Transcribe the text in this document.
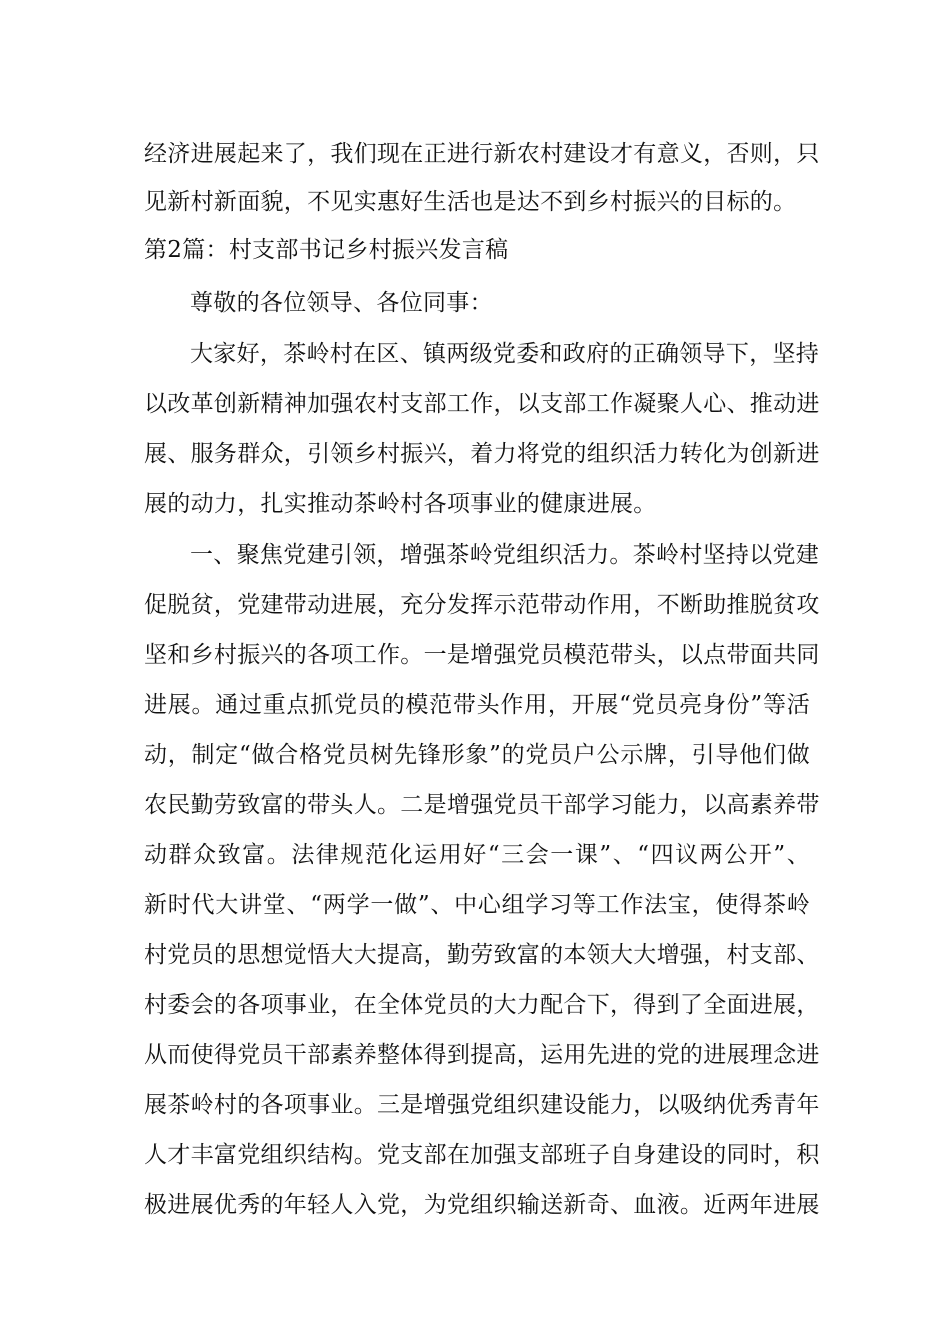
经济进展起来了，我们现在正进行新农村建设才有意义，否则，只
见新村新面貌，不见实惠好生活也是达不到乡村振兴的目标的。
第2篇：村支部书记乡村振兴发言稿
尊敬的各位领导、各位同事：
大家好，茶岭村在区、镇两级党委和政府的正确领导下，坚持
以改革创新精神加强农村支部工作，以支部工作凝聚人心、推动进
展、服务群众，引领乡村振兴，着力将党的组织活力转化为创新进
展的动力，扎实推动茶岭村各项事业的健康进展。
一、聚焦党建引领，增强茶岭党组织活力。茶岭村坚持以党建
促脱贫，党建带动进展，充分发挥示范带动作用，不断助推脱贫攻
坚和乡村振兴的各项工作。一是增强党员模范带头，以点带面共同
进展。通过重点抓党员的模范带头作用，开展“党员亮身份”等活
动，制定“做合格党员树先锋形象”的党员户公示牌，引导他们做
农民勤劳致富的带头人。二是增强党员干部学习能力，以高素养带
动群众致富。法律规范化运用好“三会一课”、“四议两公开”、
新时代大讲堂、“两学一做”、中心组学习等工作法宝，使得茶岭
村党员的思想觉悟大大提高，勤劳致富的本领大大增强，村支部、
村委会的各项事业，在全体党员的大力配合下，得到了全面进展，
从而使得党员干部素养整体得到提高，运用先进的党的进展理念进
展茶岭村的各项事业。三是增强党组织建设能力，以吸纳优秀青年
人才丰富党组织结构。党支部在加强支部班子自身建设的同时，积
极进展优秀的年轻人入党，为党组织输送新奇、血液。近两年进展
